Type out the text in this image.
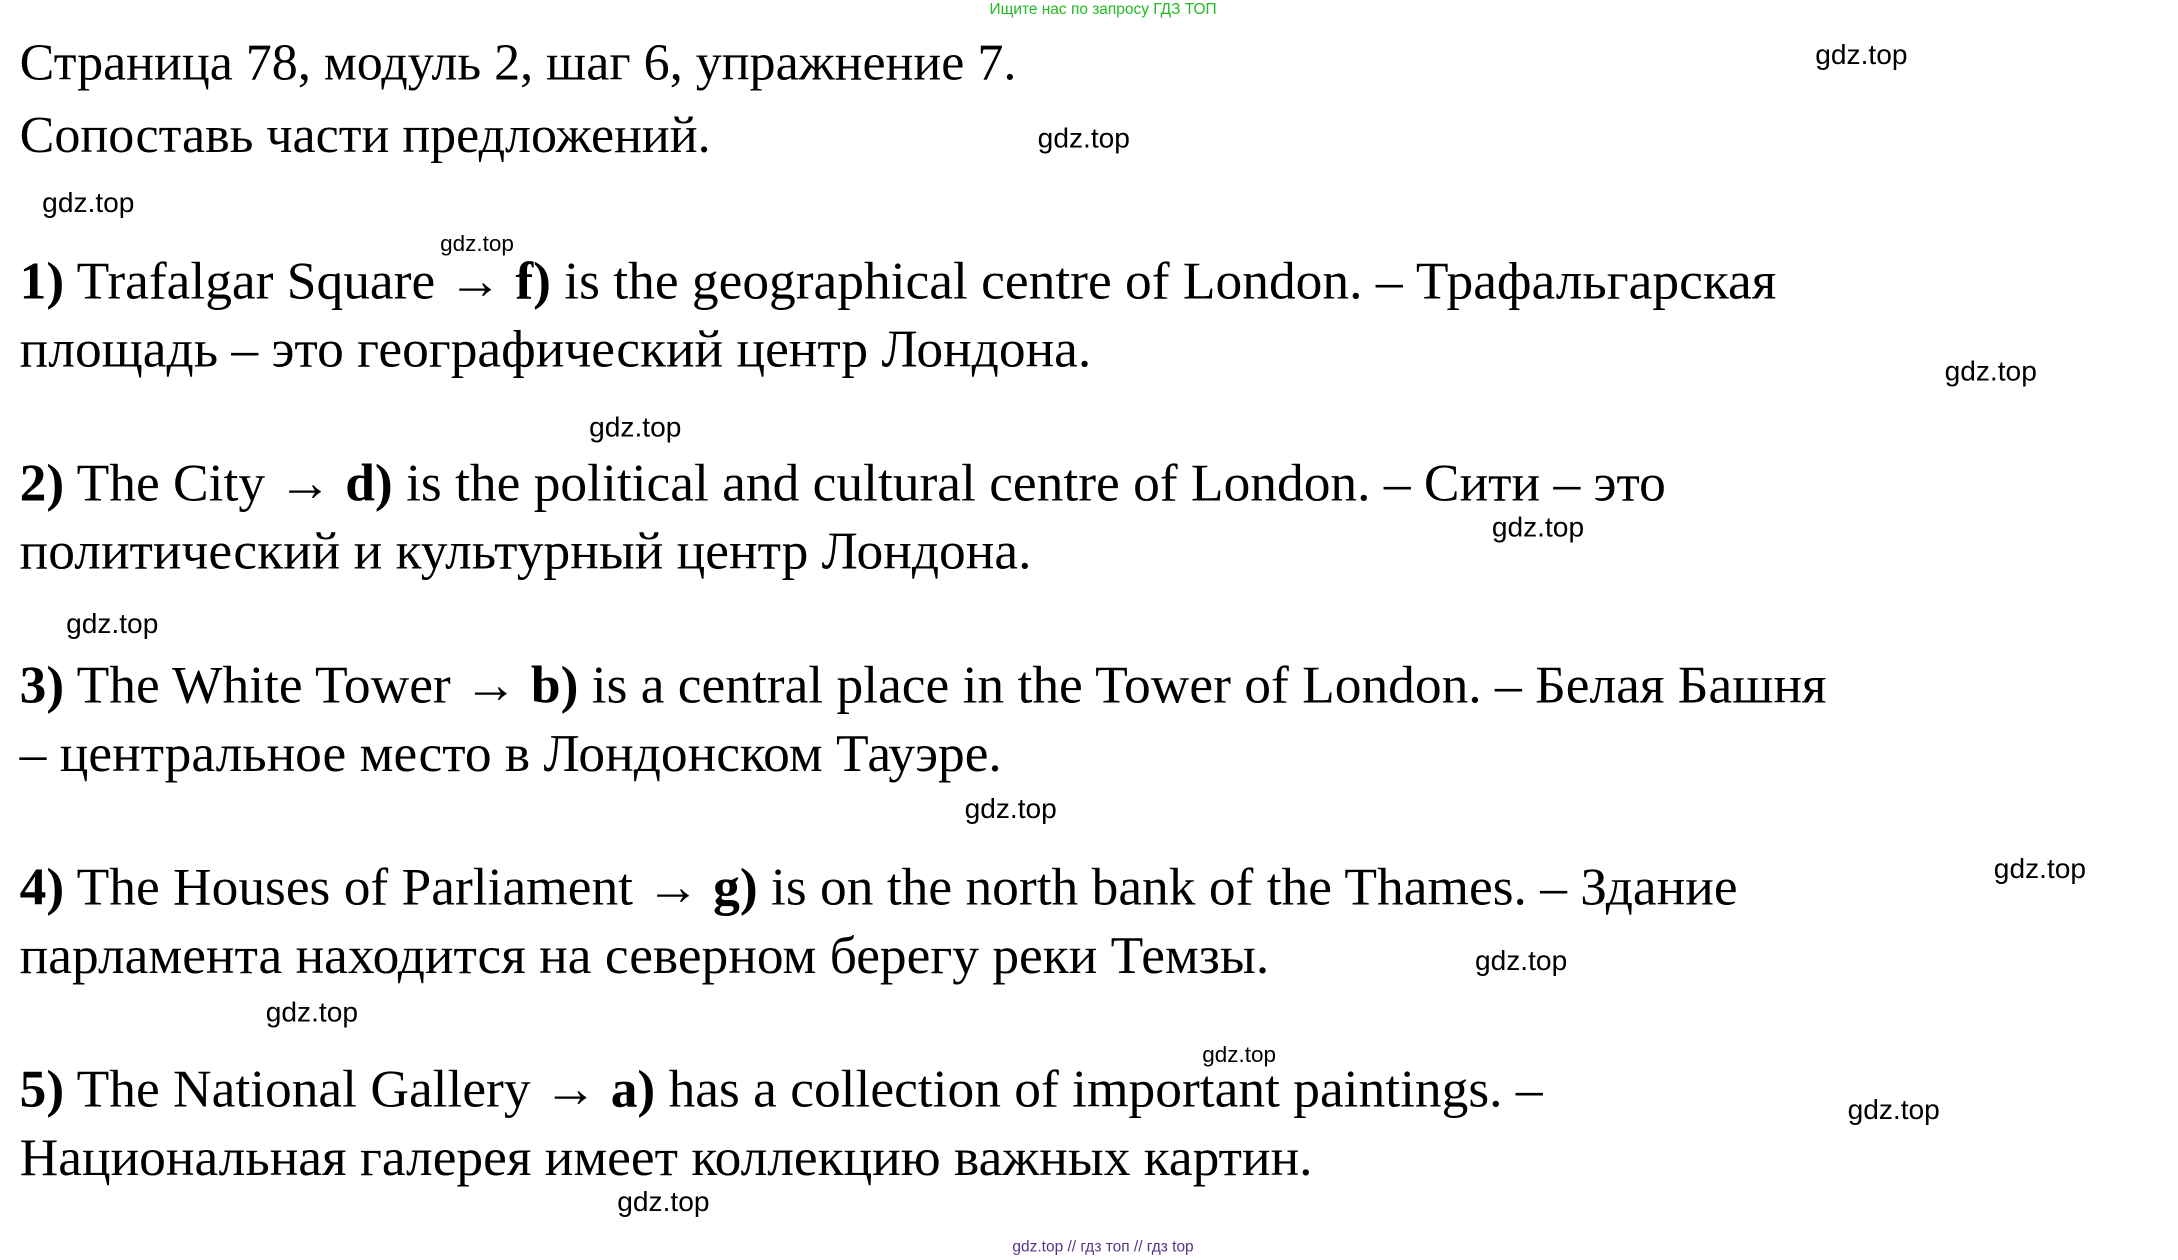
Ищите нас по запросу ГДЗ ТОП
Страница 78, модуль 2, шаг 6, упражнение 7.
Сопоставь части предложений.
1) Trafalgar Square → f) is the geographical centre of London. – Трафальгарская
площадь – это географический центр Лондона.
2) The City → d) is the political and cultural centre of London. – Сити – это
политический и культурный центр Лондона.
3) The White Tower → b) is a central place in the Tower of London. – Белая Башня
– центральное место в Лондонском Тауэре.
4) The Houses of Parliament → g) is on the north bank of the Thames. – Здание
парламента находится на северном берегу реки Темзы.
5) The National Gallery → a) has a collection of important paintings. –
Национальная галерея имеет коллекцию важных картин.
gdz.top
gdz.top
gdz.top
gdz.top
gdz.top
gdz.top
gdz.top
gdz.top
gdz.top
gdz.top
gdz.top
gdz.top
gdz.top
gdz.top
gdz.top
gdz.top // гдз топ // гдз top
